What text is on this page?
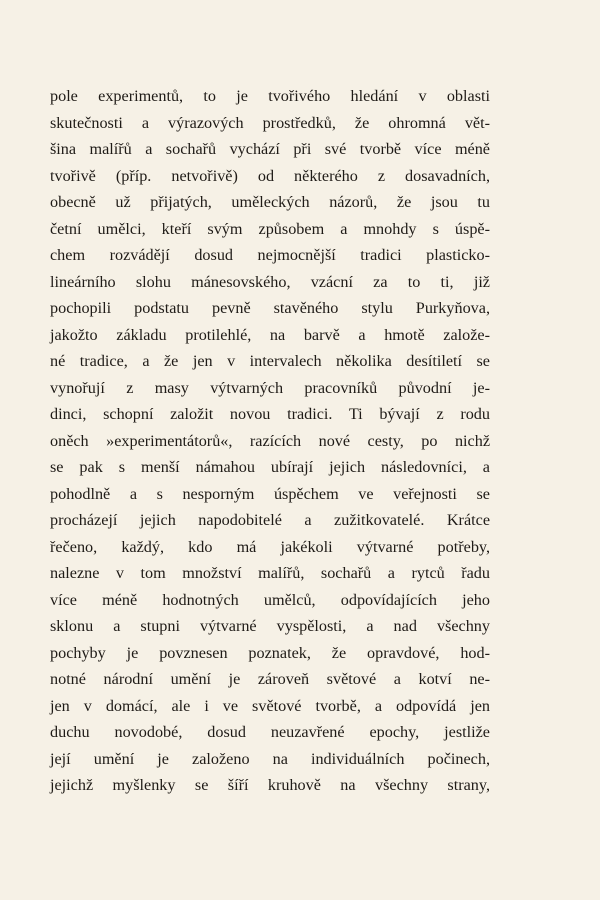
pole experimentů, to je tvořivého hledání v oblasti
skutečnosti a výrazových prostředků, že ohromná vět-
šina malířů a sochařů vychází při své tvorbě více méně
tvořivě (příp. netvořivě) od některého z dosavadních,
obecně už přijatých, uměleckých názorů, že jsou tu
četní umělci, kteří svým způsobem a mnohdy s úspě-
chem rozvádějí dosud nejmocnější tradici plasticko-
lineárního slohu mánesovského, vzácní za to ti, již
pochopili podstatu pevně stavěného stylu Purkyňova,
jakožto základu protilehlé, na barvě a hmotě založe-
né tradice, a že jen v intervalech několika desítiletí se
vynořují z masy výtvarných pracovníků původní je-
dinci, schopní založit novou tradici. Ti bývají z rodu
oněch »experimentátorů«, razících nové cesty, po nichž
se pak s menší námahou ubírají jejich následovníci, a
pohodlně a s nesporným úspěchem ve veřejnosti se
procházejí jejich napodobitelé a zužitkovatelé. Krátce
řečeno, každý, kdo má jakékoli výtvarné potřeby,
nalezne v tom množství malířů, sochařů a rytců řadu
více méně hodnotných umělců, odpovídajících jeho
sklonu a stupni výtvarné vyspělosti, a nad všechny
pochyby je povznesen poznatek, že opravdové, hod-
notné národní umění je zároveň světové a kotví ne-
jen v domácí, ale i ve světové tvorbě, a odpovídá jen
duchu novodobé, dosud neuzavřené epochy, jestliže
její umění je založeno na individuálních počinech,
jejichž myšlenky se šíří kruhově na všechny strany,
